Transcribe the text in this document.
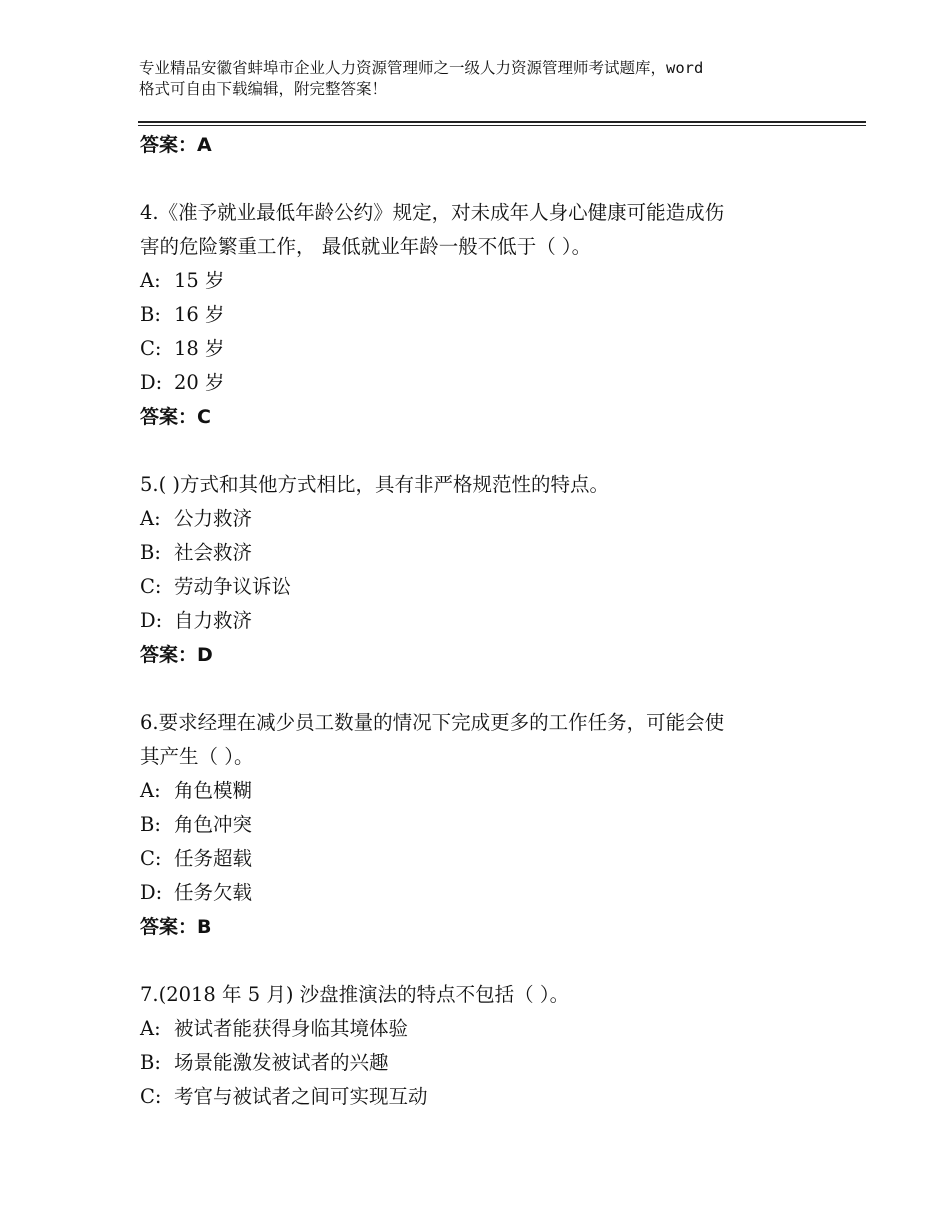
专业精品安徽省蚌埠市企业人力资源管理师之一级人力资源管理师考试题库，word
格式可自由下载编辑，附完整答案！

答案：A

4.《准予就业最低年龄公约》规定，对未成年人身心健康可能造成伤
害的危险繁重工作， 最低就业年龄一般不低于（ ）。

A: 15 岁

B: 16 岁

C: 18 岁

D: 20 岁

答案：C

5.( )方式和其他方式相比，具有非严格规范性的特点。

A: 公力救济

B: 社会救济

C: 劳动争议诉讼

D: 自力救济

答案：D

6.要求经理在减少员工数量的情况下完成更多的工作任务，可能会使
其产生（ ）。

A: 角色模糊

B: 角色冲突

C: 任务超载

D: 任务欠载

答案：B

7.(2018 年 5 月) 沙盘推演法的特点不包括（ ）。

A: 被试者能获得身临其境体验

B: 场景能激发被试者的兴趣

C: 考官与被试者之间可实现互动
